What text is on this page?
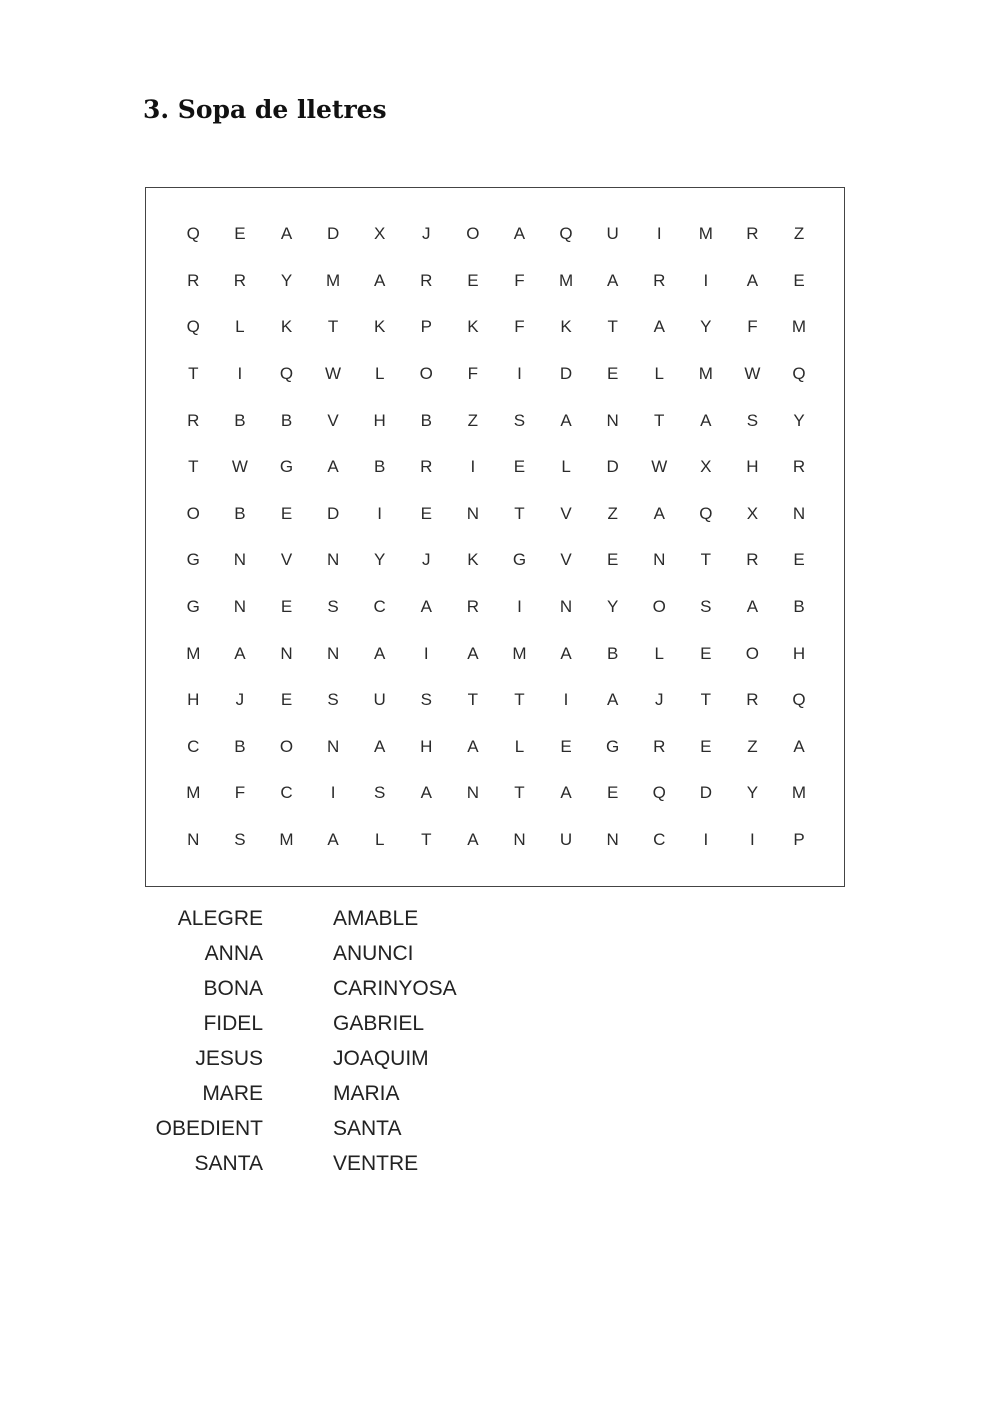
3. Sopa de lletres
Q	E	A	D	X	J	O	A	Q	U	I	M	R	Z
R	R	Y	M	A	R	E	F	M	A	R	I	A	E
Q	L	K	T	K	P	K	F	K	T	A	Y	F	M
T	I	Q	W	L	O	F	I	D	E	L	M	W	Q
R	B	B	V	H	B	Z	S	A	N	T	A	S	Y
T	W	G	A	B	R	I	E	L	D	W	X	H	R
O	B	E	D	I	E	N	T	V	Z	A	Q	X	N
G	N	V	N	Y	J	K	G	V	E	N	T	R	E
G	N	E	S	C	A	R	I	N	Y	O	S	A	B
M	A	N	N	A	I	A	M	A	B	L	E	O	H
H	J	E	S	U	S	T	T	I	A	J	T	R	Q
C	B	O	N	A	H	A	L	E	G	R	E	Z	A
M	F	C	I	S	A	N	T	A	E	Q	D	Y	M
N	S	M	A	L	T	A	N	U	N	C	I	I	P
ALEGRE
ANNA
BONA
FIDEL
JESUS
MARE
OBEDIENT
SANTA
AMABLE
ANUNCI
CARINYOSA
GABRIEL
JOAQUIM
MARIA
SANTA
VENTRE
